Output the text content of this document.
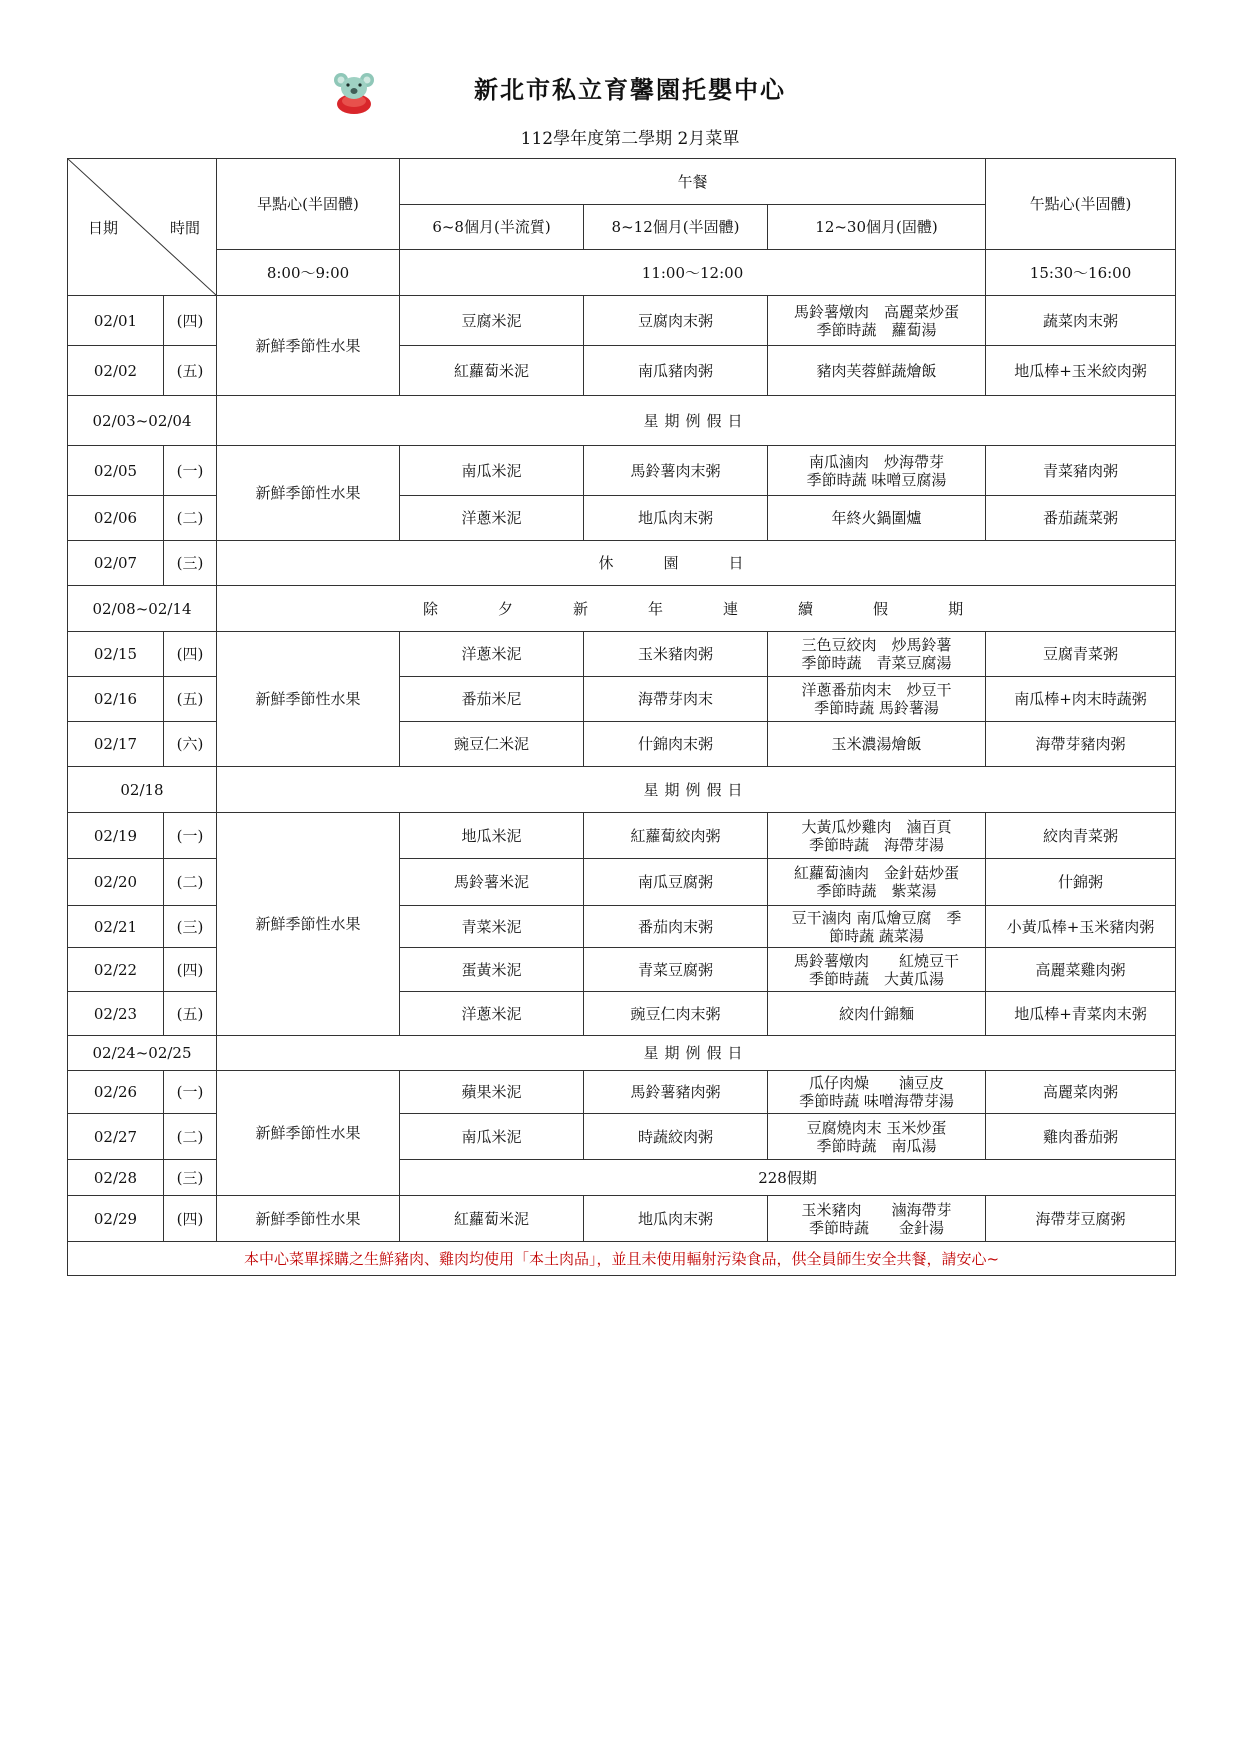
新北市私立育馨園托嬰中心
112學年度第二學期 2月菜單
日期 時間		早點心(半固體)	午餐			午點心(半固體)
			6~8個月(半流質)	8~12個月(半固體)	12~30個月(固體)	
		8:00～9:00	11:00～12:00			15:30～16:00
02/01	(四)	新鮮季節性水果	豆腐米泥	豆腐肉末粥	馬鈴薯燉肉　高麗菜炒蛋
季節時蔬　蘿蔔湯	蔬菜肉末粥
02/02	(五)		紅蘿蔔米泥	南瓜豬肉粥	豬肉芙蓉鮮蔬燴飯	地瓜棒+玉米絞肉粥
02/03~02/04		星期例假日				
02/05	(一)	新鮮季節性水果	南瓜米泥	馬鈴薯肉末粥	南瓜滷肉　炒海帶芽
季節時蔬 味噌豆腐湯	青菜豬肉粥
02/06	(二)		洋蔥米泥	地瓜肉末粥	年終火鍋圍爐	番茄蔬菜粥
02/07	(三)	休園日				
02/08~02/14		除 夕 新 年 連 續 假 期				
02/15	(四)	新鮮季節性水果	洋蔥米泥	玉米豬肉粥	三色豆絞肉　炒馬鈴薯
季節時蔬　青菜豆腐湯	豆腐青菜粥
02/16	(五)		番茄米尼	海帶芽肉末	洋蔥番茄肉末　炒豆干
季節時蔬 馬鈴薯湯	南瓜棒+肉末時蔬粥
02/17	(六)		豌豆仁米泥	什錦肉末粥	玉米濃湯燴飯	海帶芽豬肉粥
02/18		星期例假日				
02/19	(一)	新鮮季節性水果	地瓜米泥	紅蘿蔔絞肉粥	大黃瓜炒雞肉　滷百頁
季節時蔬　海帶芽湯	絞肉青菜粥
02/20	(二)		馬鈴薯米泥	南瓜豆腐粥	紅蘿蔔滷肉　金針菇炒蛋
季節時蔬　紫菜湯	什錦粥
02/21	(三)		青菜米泥	番茄肉末粥	豆干滷肉 南瓜燴豆腐　季
節時蔬 蔬菜湯	小黃瓜棒+玉米豬肉粥
02/22	(四)		蛋黃米泥	青菜豆腐粥	馬鈴薯燉肉　　紅燒豆干
季節時蔬　大黃瓜湯	高麗菜雞肉粥
02/23	(五)		洋蔥米泥	豌豆仁肉末粥	絞肉什錦麵	地瓜棒+青菜肉末粥
02/24~02/25		星期例假日				
02/26	(一)	新鮮季節性水果	蘋果米泥	馬鈴薯豬肉粥	瓜仔肉燥　　滷豆皮
季節時蔬 味噌海帶芽湯	高麗菜肉粥
02/27	(二)		南瓜米泥	時蔬絞肉粥	豆腐燒肉末 玉米炒蛋
季節時蔬　南瓜湯	雞肉番茄粥
02/28	(三)		228假期			
02/29	(四)	新鮮季節性水果	紅蘿蔔米泥	地瓜肉末粥	玉米豬肉　　滷海帶芽
季節時蔬　　金針湯	海帶芽豆腐粥
本中心菜單採購之生鮮豬肉、雞肉均使用「本土肉品」，並且未使用輻射污染食品，供全員師生安全共餐，請安心~						
